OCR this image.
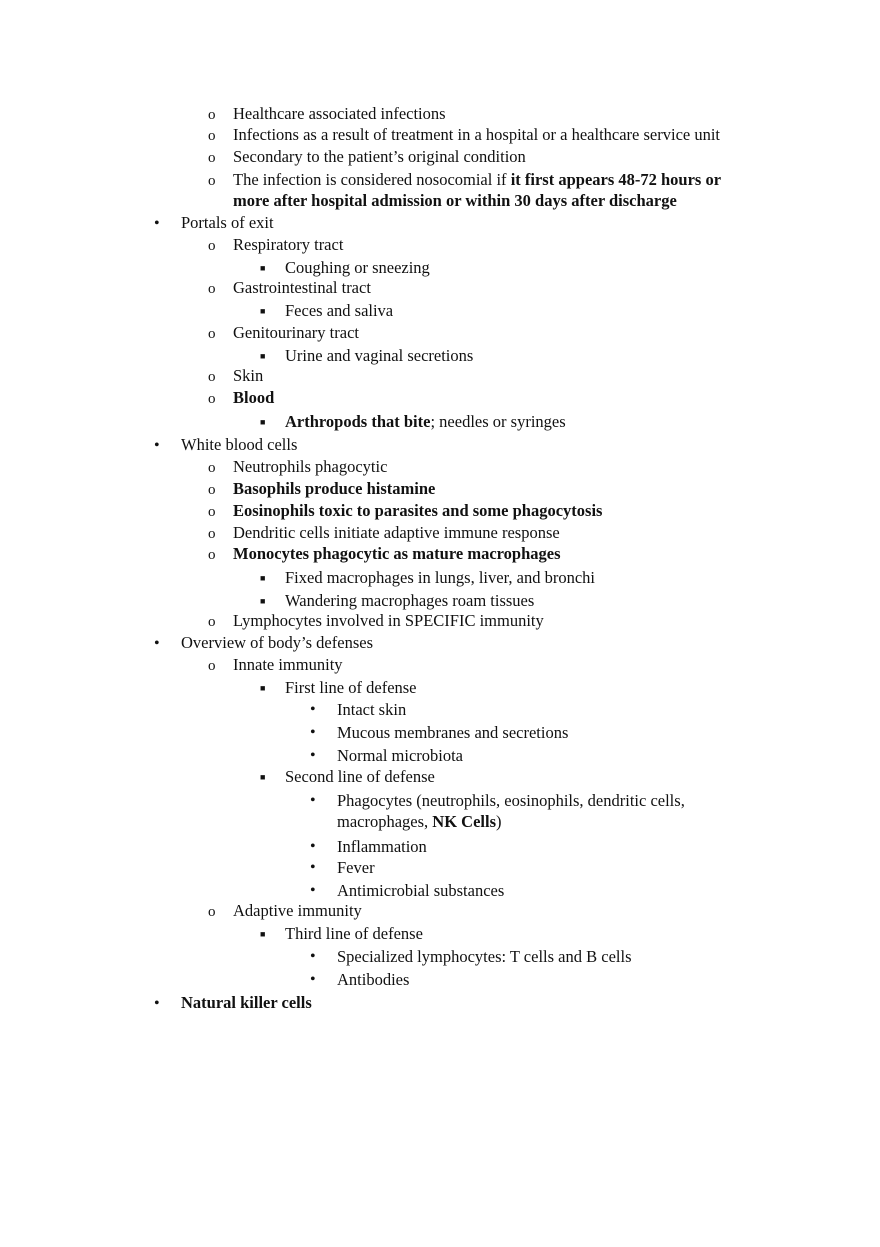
o Healthcare associated infections
o Infections as a result of treatment in a hospital or a healthcare service unit
o Secondary to the patient’s original condition
o The infection is considered nosocomial if it first appears 48-72 hours or
more after hospital admission or within 30 days after discharge
• Portals of exit
o Respiratory tract
■ Coughing or sneezing
o Gastrointestinal tract
■ Feces and saliva
o Genitourinary tract
■ Urine and vaginal secretions
o Skin
o Blood
■ Arthropods that bite; needles or syringes
• White blood cells
o Neutrophils phagocytic
o Basophils produce histamine
o Eosinophils toxic to parasites and some phagocytosis
o Dendritic cells initiate adaptive immune response
o Monocytes phagocytic as mature macrophages
■ Fixed macrophages in lungs, liver, and bronchi
■ Wandering macrophages roam tissues
o Lymphocytes involved in SPECIFIC immunity
• Overview of body’s defenses
o Innate immunity
■ First line of defense
• Intact skin
• Mucous membranes and secretions
• Normal microbiota
■ Second line of defense
• Phagocytes (neutrophils, eosinophils, dendritic cells,
macrophages, NK Cells)
• Inflammation
• Fever
• Antimicrobial substances
o Adaptive immunity
■ Third line of defense
• Specialized lymphocytes: T cells and B cells
• Antibodies
• Natural killer cells
